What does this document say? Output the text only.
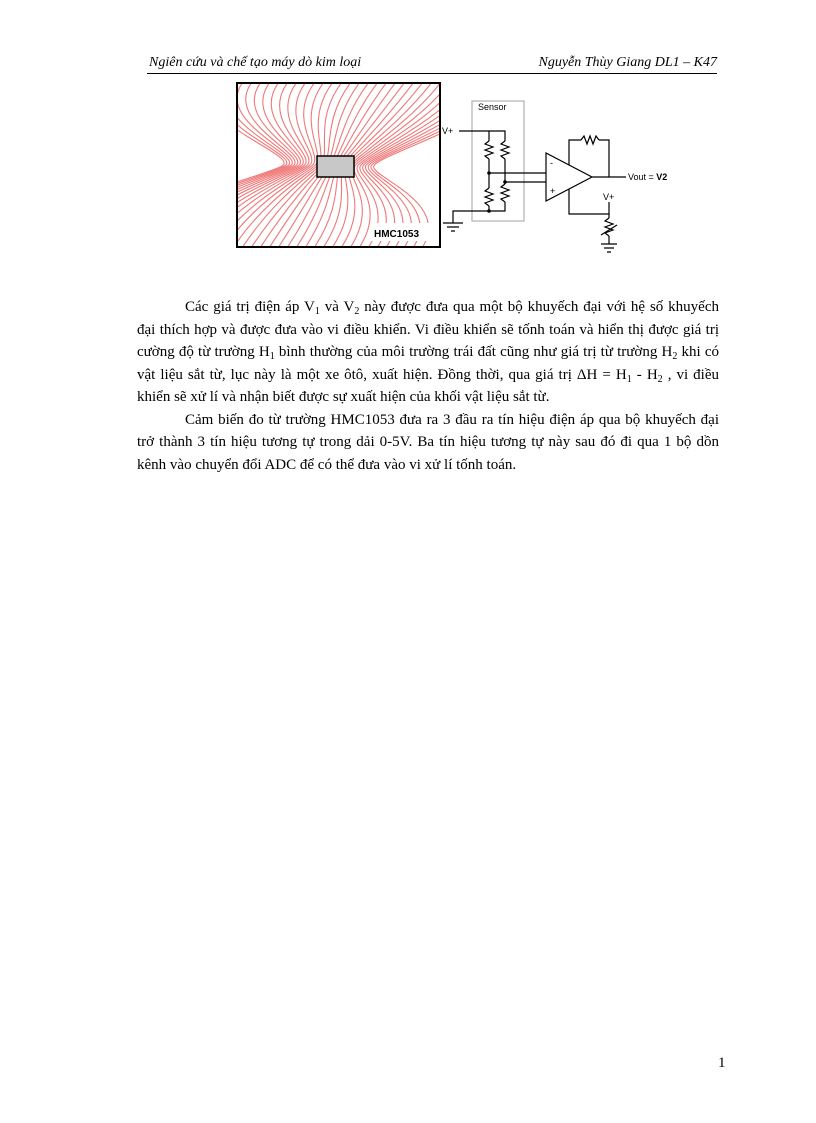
Ngiên cứu và chế tạo máy dò kim loại	Nguyễn Thùy Giang DL1 – K47
HMC1053
Sensor
V+
-
+
Vout = V2
V+

Các giá trị điện áp $V_1$ và $V_2$ này được đưa qua một bộ khuyếch đại với hệ số khuyếch đại thích hợp và được đưa vào vi điều khiển. Vi điều khiển sẽ tốnh toán và hiển thị được giá trị cường độ từ trường $H_1$ bình thường của môi trường trái đất cũng như giá trị từ trường $H_2$ khi có vật liệu sắt từ, lục này là một xe ôtô, xuất hiện. Đồng thời, qua giá trị $\Delta H = H_1 - H_2$ , vi điều khiển sẽ xử lí và nhận biết được sự xuất hiện của khối vật liệu sắt từ.

Cảm biến đo từ trường HMC1053 đưa ra 3 đầu ra tín hiệu điện áp qua bộ khuyếch đại trở thành 3 tín hiệu tương tự trong dải 0-5V. Ba tín hiệu tương tự này sau đó đi qua 1 bộ dồn kênh vào chuyển đổi ADC để có thể đưa vào vi xử lí tốnh toán.

1
